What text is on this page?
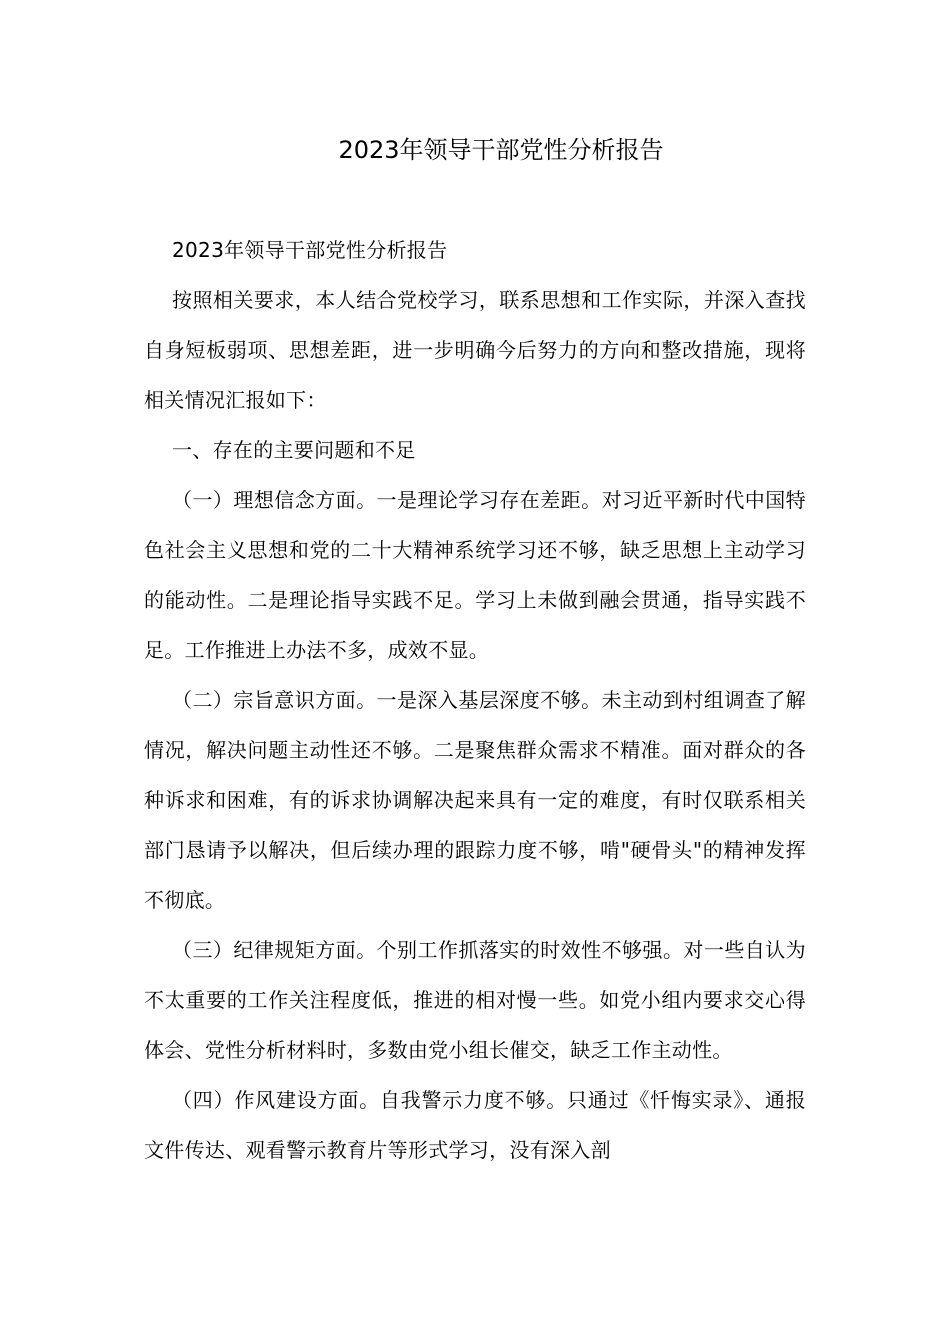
2023年领导干部党性分析报告

2023年领导干部党性分析报告

按照相关要求，本人结合党校学习，联系思想和工作实际，并深入查找自身短板弱项、思想差距，进一步明确今后努力的方向和整改措施，现将相关情况汇报如下：

一、存在的主要问题和不足

（一）理想信念方面。一是理论学习存在差距。对习近平新时代中国特色社会主义思想和党的二十大精神系统学习还不够，缺乏思想上主动学习的能动性。二是理论指导实践不足。学习上未做到融会贯通，指导实践不足。工作推进上办法不多，成效不显。

（二）宗旨意识方面。一是深入基层深度不够。未主动到村组调查了解情况，解决问题主动性还不够。二是聚焦群众需求不精准。面对群众的各种诉求和困难，有的诉求协调解决起来具有一定的难度，有时仅联系相关部门恳请予以解决，但后续办理的跟踪力度不够，啃"硬骨头"的精神发挥不彻底。

（三）纪律规矩方面。个别工作抓落实的时效性不够强。对一些自认为不太重要的工作关注程度低，推进的相对慢一些。如党小组内要求交心得体会、党性分析材料时，多数由党小组长催交，缺乏工作主动性。

（四）作风建设方面。自我警示力度不够。只通过《忏悔实录》、通报文件传达、观看警示教育片等形式学习，没有深入剖
